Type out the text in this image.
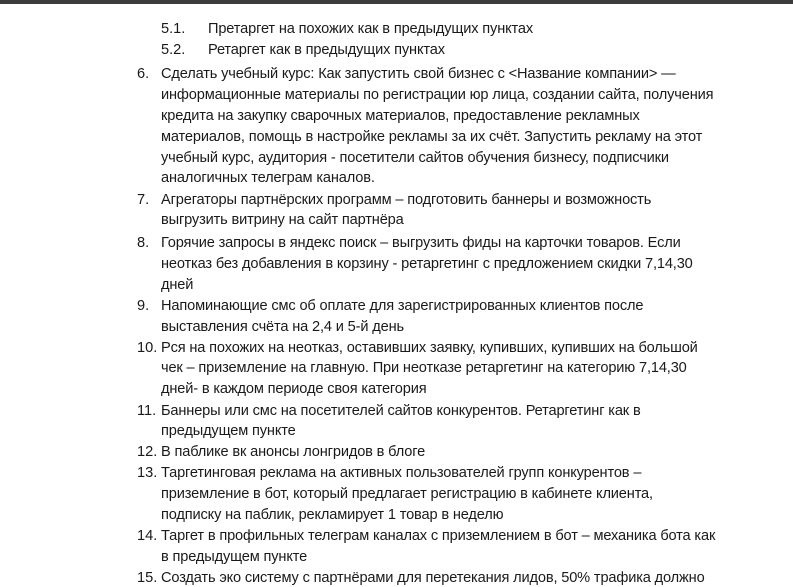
5.1. Претаргет на похожих как в предыдущих пунктах
5.2. Ретаргет как в предыдущих пунктах
6. Сделать учебный курс: Как запустить свой бизнес с <Название компании> —
информационные материалы по регистрации юр лица, создании сайта, получения
кредита на закупку сварочных материалов, предоставление рекламных
материалов, помощь в настройке рекламы за их счёт. Запустить рекламу на этот
учебный курс, аудитория - посетители сайтов обучения бизнесу, подписчики
аналогичных телеграм каналов.
7. Агрегаторы партнёрских программ – подготовить баннеры и возможность
выгрузить витрину на сайт партнёра
8. Горячие запросы в яндекс поиск – выгрузить фиды на карточки товаров. Если
неотказ без добавления в корзину - ретаргетинг с предложением скидки 7,14,30
дней
9. Напоминающие смс об оплате для зарегистрированных клиентов после
выставления счёта на 2,4 и 5-й день
10. Рся на похожих на неотказ, оставивших заявку, купивших, купивших на большой
чек – приземление на главную. При неотказе ретаргетинг на категорию 7,14,30
дней- в каждом периоде своя категория
11. Баннеры или смс на посетителей сайтов конкурентов. Ретаргетинг как в
предыдущем пункте
12. В паблике вк анонсы лонгридов в блоге
13. Таргетинговая реклама на активных пользователей групп конкурентов –
приземление в бот, который предлагает регистрацию в кабинете клиента,
подписку на паблик, рекламирует 1 товар в неделю
14. Таргет в профильных телеграм каналах с приземлением в бот – механика бота как
в предыдущем пункте
15. Создать эко систему с партнёрами для перетекания лидов, 50% трафика должно
